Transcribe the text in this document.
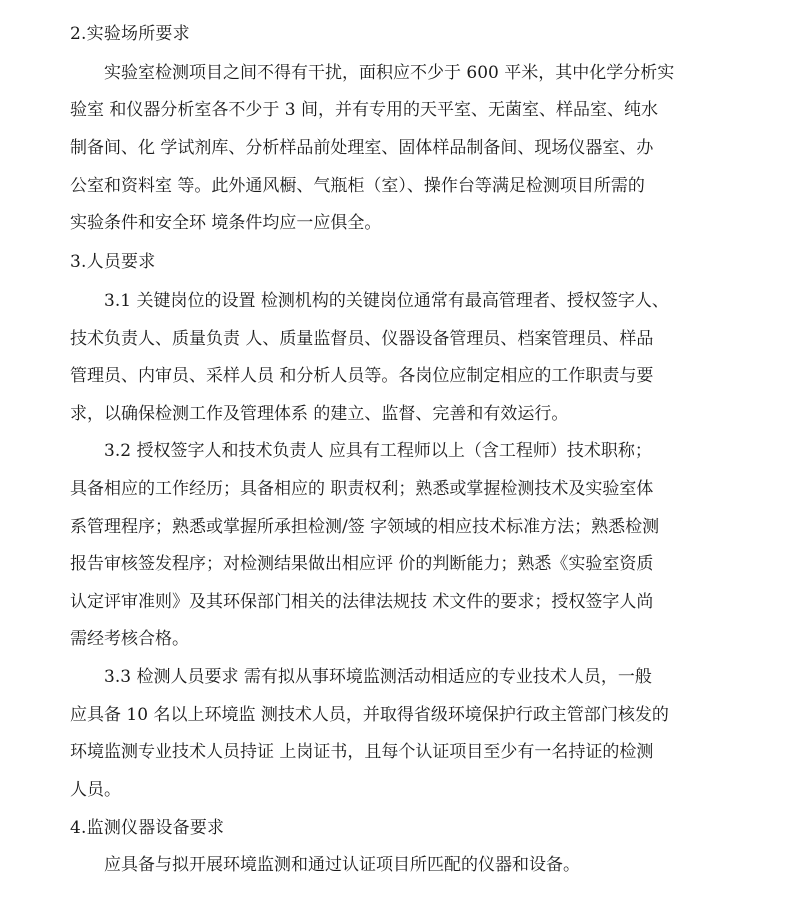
2.实验场所要求
实验室检测项目之间不得有干扰，面积应不少于 600 平米，其中化学分析实
验室 和仪器分析室各不少于 3 间，并有专用的天平室、无菌室、样品室、纯水
制备间、化 学试剂库、分析样品前处理室、固体样品制备间、现场仪器室、办
公室和资料室 等。此外通风橱、气瓶柜（室）、操作台等满足检测项目所需的
实验条件和安全环 境条件均应一应俱全。
3.人员要求
3.1 关键岗位的设置 检测机构的关键岗位通常有最高管理者、授权签字人、
技术负责人、质量负责 人、质量监督员、仪器设备管理员、档案管理员、样品
管理员、内审员、采样人员 和分析人员等。各岗位应制定相应的工作职责与要
求，以确保检测工作及管理体系 的建立、监督、完善和有效运行。
3.2 授权签字人和技术负责人 应具有工程师以上（含工程师）技术职称；
具备相应的工作经历；具备相应的 职责权利；熟悉或掌握检测技术及实验室体
系管理程序；熟悉或掌握所承担检测/签 字领域的相应技术标准方法；熟悉检测
报告审核签发程序；对检测结果做出相应评 价的判断能力；熟悉《实验室资质
认定评审准则》及其环保部门相关的法律法规技 术文件的要求；授权签字人尚
需经考核合格。
3.3 检测人员要求 需有拟从事环境监测活动相适应的专业技术人员，一般
应具备 10 名以上环境监 测技术人员，并取得省级环境保护行政主管部门核发的
环境监测专业技术人员持证 上岗证书，且每个认证项目至少有一名持证的检测
人员。
4.监测仪器设备要求
应具备与拟开展环境监测和通过认证项目所匹配的仪器和设备。
